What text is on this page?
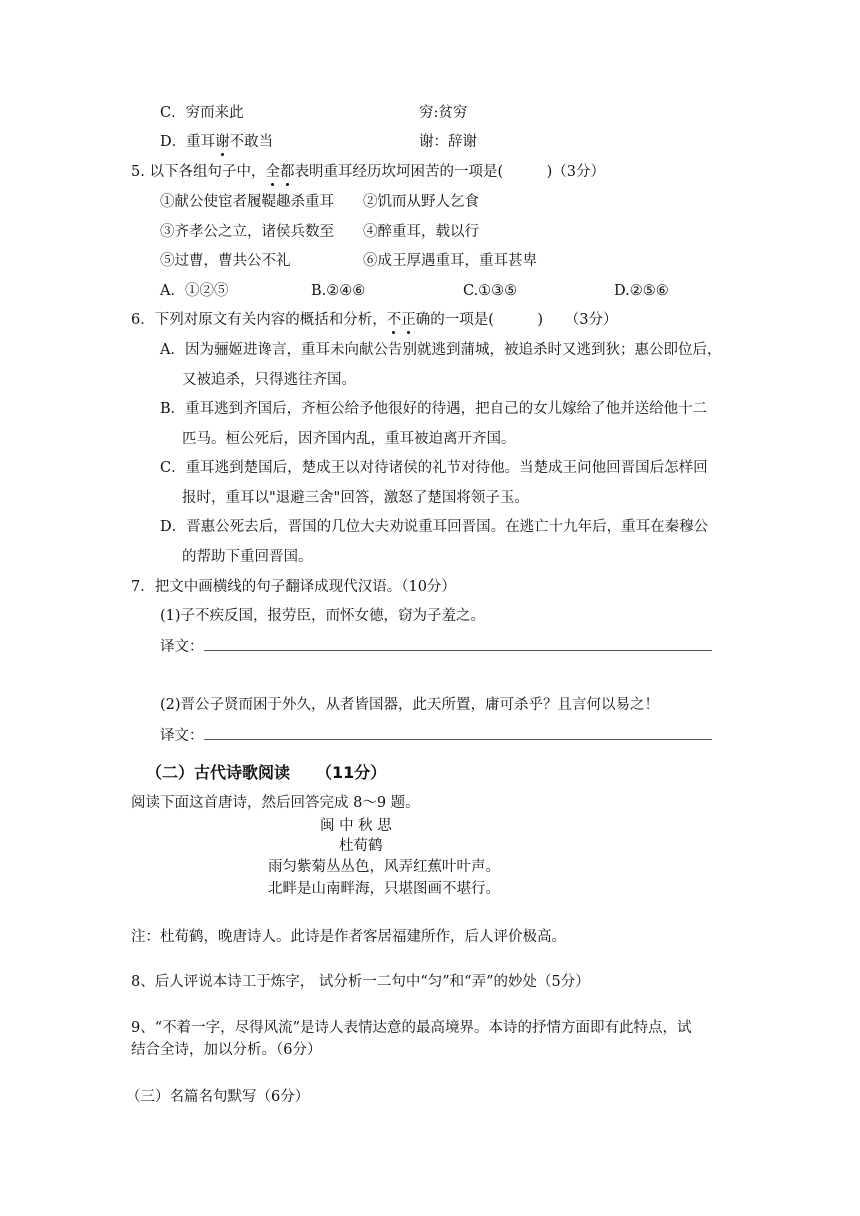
C．穷而来此	穷:贫穷
D．重耳谢不敢当	谢：辞谢
5. 以下各组句子中，全都表明重耳经历坎坷困苦的一项是(　　　)（3分）
①献公使宦者履鞮趣杀重耳 ②饥而从野人乞食
③齐孝公之立，诸侯兵数至 ④醉重耳，载以行
⑤过曹，曹共公不礼	⑥成王厚遇重耳，重耳甚卑
A．①②⑤	B.②④⑥	C.①③⑤	D.②⑤⑥
6．下列对原文有关内容的概括和分析，不正确的一项是(　　　)　　（3分）
A．因为骊姬进谗言，重耳未向献公告别就逃到蒲城，被追杀时又逃到狄；惠公即位后，
又被追杀，只得逃往齐国。
B．重耳逃到齐国后，齐桓公给予他很好的待遇，把自己的女儿嫁给了他并送给他十二
匹马。桓公死后，因齐国内乱，重耳被迫离开齐国。
C．重耳逃到楚国后，楚成王以对待诸侯的礼节对待他。当楚成王问他回晋国后怎样回
报时，重耳以"退避三舍"回答，激怒了楚国将领子玉。
D．晋惠公死去后，晋国的几位大夫劝说重耳回晋国。在逃亡十九年后，重耳在秦穆公
的帮助下重回晋国。
7．把文中画横线的句子翻译成现代汉语。（10分）
(1)子不疾反国，报劳臣，而怀女德，窃为子羞之。
译文：
(2)晋公子贤而困于外久，从者皆国器，此天所置，庸可杀乎？且言何以易之！
译文：
（二）古代诗歌阅读 （11分）
阅读下面这首唐诗，然后回答完成 8～9 题。
闽 中 秋 思
杜荀鹤
雨匀紫菊丛丛色，风弄红蕉叶叶声。
北畔是山南畔海，只堪图画不堪行。
注：杜荀鹤，晚唐诗人。此诗是作者客居福建所作，后人评价极高。
8、后人评说本诗工于炼字， 试分析一二句中“匀”和“弄”的妙处（5分）
9、“不着一字，尽得风流”是诗人表情达意的最高境界。本诗的抒情方面即有此特点，试
结合全诗，加以分析。（6分）
（三）名篇名句默写（6分）
